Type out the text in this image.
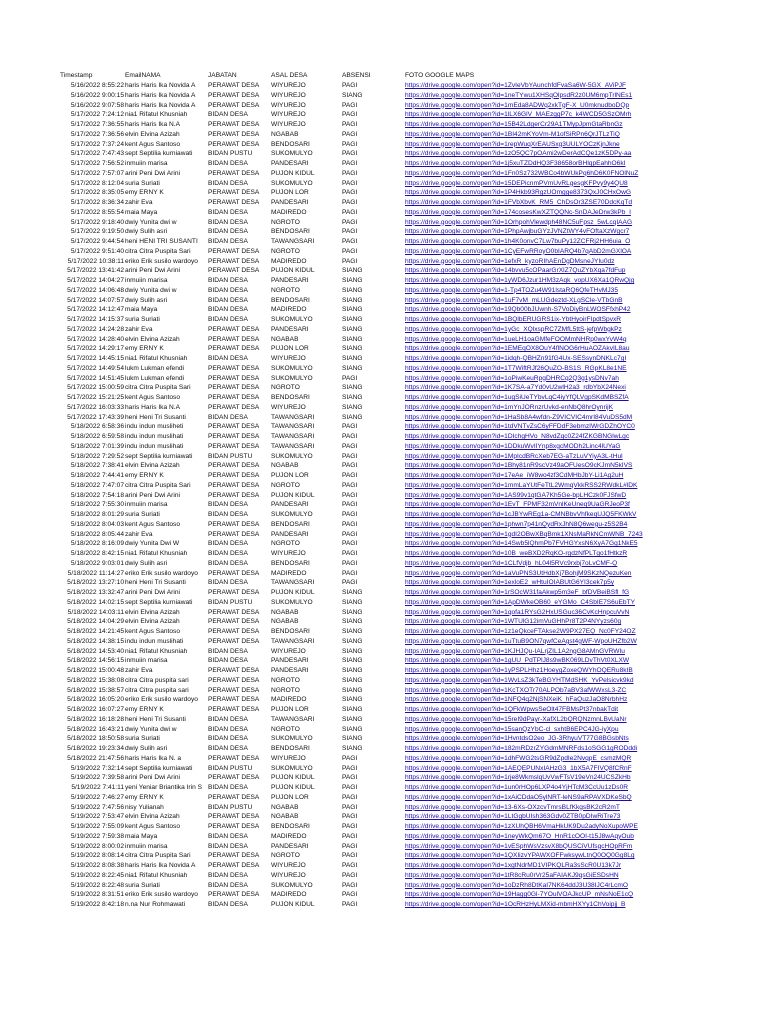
Timestamp	EmailNAMA	JABATAN	ASAL DESA	ABSENSI	FOTO GOOGLE MAPS
5/16/2022 8:55:22	haris Haris Ika Novida A	PERAWAT DESA	WIYUREJO	PAGI	https://drive.google.com/open?id=1ZvIeVbYAunchfdFvaSa6W-5GX_AViPJF
5/16/2022 9:00:15	haris Haris Ika Novida A	PERAWAT DESA	WIYUREJO	SIANG	https://drive.google.com/open?id=1neTYwu1XHSqOlpsdR2z0UM6mpTrlNEs1
5/16/2022 9:07:58	haris Haris Ika Novida A	PERAWAT DESA	WIYUREJO	PAGI	https://drive.google.com/open?id=1mEda8ADWq2xkTgF-X_U0mknudboDQp
5/17/2022 7:24:12	nia1 Rifatul Khusniah	BIDAN DESA	WIYUREJO	PAGI	https://drive.google.com/open?id=1lLX6GlV_MAEzggP7c_k4WCD5GSzOMrh
5/17/2022 7:36:55	haris Haris Ika N.A	PERAWAT DESA	WIYUREJO	PAGI	https://drive.google.com/open?id=15B42LdgerCr29A1TMypJpmGtaRbnGz
5/17/2022 7:36:56	elvin Elvina Azizah	PERAWAT DESA	NGABAB	PAGI	https://drive.google.com/open?id=1BI42mKYoVm-M1ofSiRPn6QrJTLzTiQ
5/17/2022 7:37:24	kent Agus Santoso	PERAWAT DESA	BENDOSARI	PAGI	https://drive.google.com/open?id=1repWuqXrEAUSxg3UULYOCzKjnJkne
5/17/2022 7:47:43	sept Septilia kurniawati	BIDAN PUSTU	SUKOMULYO	PAGI	https://drive.google.com/open?id=1zO5QC7pOAmi2wDerAdCQe1zK5DPy-aa
5/17/2022 7:56:52	inmuiin marisa	BIDAN DESA	PANDESARI	PAGI	https://drive.google.com/open?id=1j5xuTZDdHQ3F38658orBHlqpEahhO6kI
5/17/2022 7:57:07	arini Peni Dwi Arini	PERAWAT DESA	PUJON KIDUL	PAGI	https://drive.google.com/open?id=1Fn0Sz732WBCo4bWUkPq6hD6K0FNOlNuZ
5/17/2022 8:12:04	suria Suriati	BIDAN DESA	SUKOMULYO	PAGI	https://drive.google.com/open?id=15DEPicnmPVmUvRLgesgKFPvy9y4QU8
5/17/2022 8:35:05	emy ERNY K	PERAWAT DESA	PUJON LOR	PAGI	https://drive.google.com/open?id=1P4Hkb93RgzUOmgge8373QxJ0CHxOwG
5/17/2022 8:36:34	zahir Eva	PERAWAT DESA	PANDESARI	PAGI	https://drive.google.com/open?id=1FVbXbvK_RM5_ChDsOr3ZSE70DdcKqTd
5/17/2022 8:55:54	maia Maya	BIDAN DESA	MADIREDO	PAGI	https://drive.google.com/open?id=174cosesKwXZTQQNc-SnDAJeDrw3kPb_I
5/17/2022 9:18:40	dwiy Yunita dwi w	BIDAN DESA	NGROTO	PAGI	https://drive.google.com/open?id=1OrhpohVlewdph48NC5uFpsz_5wLcqIAAG
5/17/2022 9:19:50	dwiy Sulih asri	BIDAN DESA	BENDOSARI	PAGI	https://drive.google.com/open?id=1PhpAwjbuGYzJVNZtWY4vFOftaXzWgcr7
5/17/2022 9:44:54	heni HENI TRI SUSANTI	BIDAN DESA	TAWANGSARI	PAGI	https://drive.google.com/open?id=1h4K0onvC7Lw7buPy12ZCFRj2HH6uia_O
5/17/2022 9:51:40	citra Citra Puspita Sari	PERAWAT DESA	NGROTO	PAGI	https://drive.google.com/open?id=1CyEFwRRoyO0bIARQ4b7qAbD2mGXlOA
5/17/2022 10:38:11	eriko Erik susilo wardoyo	PERAWAT DESA	MADIREDO	PAGI	https://drive.google.com/open?id=1efxR_kyzoRIhAEnDgDMsneJYIu0dz
5/17/2022 13:41:42	arini Peni Dwi Arini	PERAWAT DESA	PUJON KIDUL	SIANG	https://drive.google.com/open?id=14bvvu5cOPaarGrXlZ7QuZYbXqa7fdFup
5/17/2022 14:04:27	inmuiin marisa	BIDAN DESA	PANDESARI	SIANG	https://drive.google.com/open?id=1yWD6Jzur1HM3zAqk_vopUX6Xa1QRwQjg
5/17/2022 14:06:48	dwiy Yunita dwi w	BIDAN DESA	NGROTO	SIANG	https://drive.google.com/open?id=1-Tp4TOZu4W91lstaRQ6QfeTHvMJ35
5/17/2022 14:07:57	dwiy Sulih asri	BIDAN DESA	BENDOSARI	SIANG	https://drive.google.com/open?id=1uF7vM_mLUGdeztd-XLgSCle-VTbGnB
5/17/2022 14:12:47	maia Maya	BIDAN DESA	MADIREDO	SIANG	https://drive.google.com/open?id=19Qb00bJUwnh-S7VoDiyBnLWOSFfxhP42
5/17/2022 14:15:37	suria Suriati	BIDAN DESA	SUKOMULYO	SIANG	https://drive.google.com/open?id=1BQlbERUGRS1ix-YbtHyoirFIpdtSpvxR
5/17/2022 14:24:28	zahir Eva	PERAWAT DESA	PANDESARI	SIANG	https://drive.google.com/open?id=1yGc_XQlxspRC7ZMfL5ttS-jefpWbgkPz
5/17/2022 14:28:40	elvin Elvina Azizah	PERAWAT DESA	NGABAB	SIANG	https://drive.google.com/open?id=1ueLH1oaGMfeFOOMmNHRp0wxYvW4q
5/17/2022 14:29:17	emy ERNY K	PERAWAT DESA	PUJON LOR	SIANG	https://drive.google.com/open?id=1EMEqOX8OuY4flNOG6rHuAOZAkvIL8au
5/17/2022 14:45:15	nia1 Rifatul Khusniah	BIDAN DESA	WIYUREJO	SIANG	https://drive.google.com/open?id=1idqh-QBHZn91fG4Ux-SESsynDNKLc7gI
5/17/2022 14:49:54	lukm Lukman efendi	PERAWAT DESA	SUKOMULYO	SIANG	https://drive.google.com/open?id=1T7WiftRJf26QuZO-BS1S_RGpKL8e1NE
5/17/2022 14:51:45	lukm Lukman efendi	PERAWAT DESA	SUKOMULYO	PAGI	https://drive.google.com/open?id=1oPiwKeuRpgDHRCq2Q3g1ysDNv7ah
5/17/2022 15:00:59	citra Citra Puspita Sari	PERAWAT DESA	NGROTO	SIANG	https://drive.google.com/open?id=1K7SA-a7Yd0vU2wlH2a3_rdbYbX24Nexi
5/17/2022 15:21:25	kent Agus Santoso	PERAWAT DESA	BENDOSARI	SIANG	https://drive.google.com/open?id=1ugSiUeTYbvLqC4iyYfQLVgpSKdMBSZfA
5/17/2022 16:03:33	haris Haris Ika N.A	PERAWAT DESA	WIYUREJO	SIANG	https://drive.google.com/open?id=1mYnJORnzrUvkd-enNbQ8hrOynrijK
5/17/2022 17:43:39	heni Heni Tri Susanti	BIDAN DESA	TAWANGSARI	SIANG	https://drive.google.com/open?id=1HaSb8A4wfdn-Z9VICVIC4mrI84VuDS5dM
5/18/2022 6:58:36	indu indun musliheti	PERAWAT DESA	TAWANGSARI	PAGI	https://drive.google.com/open?id=1tdVNTvZsC6yFFDdF3ebmzIWrGDZhOYC0
5/18/2022 6:59:58	indu indun muslihati	PERAWAT DESA	TAWANGSARI	PAGI	https://drive.google.com/open?id=1DIchgHVo_N8vdZqc0Z24fZKGBNGlwLgc
5/18/2022 7:01:39	indu indun muslihati	PERAWAT DESA	TAWANGSARI	PAGI	https://drive.google.com/open?id=1DDkuWvIIYnp8xgcMODh2Linc4lUYaG
5/18/2022 7:29:52	sept Septilia kurniawati	BIDAN PUSTU	SUKOMULYO	PAGI	https://drive.google.com/open?id=1MpIcdBRcXeb7EG-aTzLuVYiyA3L-tHul
5/18/2022 7:38:41	elvin Elvina Azizah	PERAWAT DESA	NGABAB	PAGI	https://drive.google.com/open?id=1Bhy81nR9scVz49aOFUesO9cKJmN5kIVS
5/18/2022 7:44:41	emy ERNY K	PERAWAT DESA	PUJON LOR	PAGI	https://drive.google.com/open?id=17eAe_iW8wo4zf3CdMHbJbY-Li1Ag2uH
5/18/2022 7:47:07	citra Citra Puspita Sari	PERAWAT DESA	NGROTO	PAGI	https://drive.google.com/open?id=1mmLaYUtFeTtL2WmqVkkRSS2RWdkL#lDK
5/18/2022 7:54:18	arini Peni Dwi Arini	PERAWAT DESA	PUJON KIDUL	PAGI	https://drive.google.com/open?id=1AS99v1qtGA7Kh5Ge-bpLHCzk0FJSfwD
5/18/2022 7:55:30	inmuiin marisa	BIDAN DESA	PANDESARI	PAGI	https://drive.google.com/open?id=1EvT_FPMF32mVnlKeUneq9UaGRJeoP3f
5/18/2022 8:01:29	suria Suriati	BIDAN DESA	SUKOMULYO	PAGI	https://drive.google.com/open?id=1cJBYwREg1a-CMNBbvVhfkeqUJQ5FKWkV
5/18/2022 8:04:03	kent Agus Santoso	PERAWAT DESA	BENDOSARI	PAGI	https://drive.google.com/open?id=1phwn7p41nQydRxJhN8Q6wegu-z5S2B4
5/18/2022 8:05:44	zahir Eva	PERAWAT DESA	PANDESARI	PAGI	https://drive.google.com/open?id=1gdI2OBwXBqBmk1XNsMaRkNCmWNB_7243
5/18/2022 8:16:09	dwiy Yunita Dwi W	BIDAN DESA	NGROTO	PAGI	https://drive.google.com/open?id=14Swb5lQhmPb7FVHGYxsN6XyA7Gg1NkE5
5/18/2022 8:42:15	nia1 Rifatul Khusniah	BIDAN DESA	WIYUREJO	PAGI	https://drive.google.com/open?id=10B_weBXD2RqKO-rgdzNfPLTgo1fHtkzR
5/18/2022 9:03:01	dwiy Sulih asri	BIDAN DESA	BENDOSARI	PAGI	https://drive.google.com/open?id=1CLfVdjb_hL04l5RVc9rxbj7oLvCMF-Q
5/18/2022 11:14:27	eriko Erik susilo wardoyo	PERAWAT DESA	MADIREDO	PAGI	https://drive.google.com/open?id=1aVuPNS3UtHdbXj7BohjM9SKzNQezuKen
5/18/2022 13:27:10	heni Heni Tri Susanti	BIDAN DESA	TAWANGSARI	PAGI	https://drive.google.com/open?id=1exloE2_wHtuIOIABUtG6YI3cek7p5y
5/18/2022 13:32:47	arini Peni Dwi Arini	PERAWAT DESA	PUJON KIDUL	SIANG	https://drive.google.com/open?id=1rSOcW31faAkwp5m3eF_bfDVBeiBSfl_fG
5/18/2022 14:02:15	sept Septilia kurniawati	BIDAN PUSTU	SUKOMULYO	SIANG	https://drive.google.com/open?id=1ApDWkeOB60_eYGMo_C4SbIE7S6uEbTY
5/18/2022 14:03:11	elvin Elvina Azizah	PERAWAT DESA	NGABAB	SIANG	https://drive.google.com/open?id=1qofa1RYsG2HxUSGuc36CvKcHnpcuVvN
5/18/2022 14:04:29	elvin Elvina Azizah	PERAWAT DESA	NGABAB	SIANG	https://drive.google.com/open?id=1WTUlG12imVuGHhPr8T2P4NYyzs60g
5/18/2022 14:21:45	kent Agus Santoso	PERAWAT DESA	BENDOSARI	SIANG	https://drive.google.com/open?id=1z1eQkceFTAkse2W9PX27EQ_Nc0FY24OZ
5/18/2022 14:38:15	indu indun muslihati	PERAWAT DESA	TAWANGSARI	SIANG	https://drive.google.com/open?id=1uTtuB9ON7qwfCeAgst4gWF-WpoUHZfb2W
5/18/2022 14:53:40	nia1 Rifatul Khusniah	BIDAN DESA	WIYUREJO	SIANG	https://drive.google.com/open?id=1KJHJQu-IALrjZIL1A2ngG8AMnGVRWIu
5/18/2022 14:56:15	inmuiin marisa	BIDAN DESA	PANDESARI	SIANG	https://drive.google.com/open?id=1gUU_PdTPlJ8s9wBK069LDvThVt0XLXW
5/18/2022 15:00:48	zahir Eva	PERAWAT DESA	PANDESARI	SIANG	https://drive.google.com/open?id=1yPSPLHhz1HoeygZoxeQWYhOQERu8kIB
5/18/2022 15:38:08	citra Citra puspita sari	PERAWAT DESA	NGROTO	SIANG	https://drive.google.com/open?id=1WvLsZ3kTeBGYHTMdSHK_YvPelsicvk9kd
5/18/2022 15:38:57	citra Citra puspita sari	PERAWAT DESA	NGROTO	SIANG	https://drive.google.com/open?id=1KcTXOTr70ALPOb7aBV3afWWxsL3-ZC
5/18/2022 16:05:20	eriko Erik susilo wardoyo	PERAWAT DESA	MADIREDO	SIANG	https://drive.google.com/open?id=1NFQ4q2NjSNXeiK_hFaQuzJaO8NrbhHz
5/18/2022 16:07:27	emy ERNY K	PERAWAT DESA	PUJON LOR	SIANG	https://drive.google.com/open?id=1QFkWpwsSeOlt47FBMsPt37nbakTdit
5/18/2022 16:18:28	heni Heni Tri Susanti	BIDAN DESA	TAWANGSARI	SIANG	https://drive.google.com/open?id=15reI9dPayr-XafXL2bQRQNzmnLBvUaNr
5/18/2022 16:43:21	dwiy Yunita dwi w	BIDAN DESA	NGROTO	SIANG	https://drive.google.com/open?id=15sanQzYbC-cl_sxhtB6EPC4JG-iyXpu
5/18/2022 18:50:58	suria Suriati	BIDAN DESA	SUKOMULYO	SIANG	https://drive.google.com/open?id=1HvntdsO2eo_JG-3RhyuVT77G8BGsbNts
5/18/2022 19:23:34	dwiy Sulih asri	BIDAN DESA	BENDOSARI	SIANG	https://drive.google.com/open?id=182mRDzrZYGdmMNRFds1oSGG1gRODddi
5/18/2022 21:47:56	haris Haris Ika N. a	PERAWAT DESA	WIYUREJO	PAGI	https://drive.google.com/open?id=1dhFWG2tsGR9dZpdIe2NvqpE_csmzMQR
5/19/2022 7:32:14	sept Septilia kurniawati	BIDAN PUSTU	SUKOMULYO	PAGI	https://drive.google.com/open?id=1AEQEPUNxIAHzG3_1bX5A7FIVQ8fCRnF
5/19/2022 7:39:58	arini Peni Dwi Arini	PERAWAT DESA	PUJON KIDUL	PAGI	https://drive.google.com/open?id=1rje8WkmslqUvVwFTsV19eVn24UCSZkHb
5/19/2022 7:41:11	yeni Yeniar Briantika Irin S	BIDAN DESA	PUJON KIDUL	PAGI	https://drive.google.com/open?id=1un0rHOp6LXP4o4YjHTcM3CcUu1zDs0R
5/19/2022 7:46:27	emy ERNY K	PERAWAT DESA	PUJON LOR	PAGI	https://drive.google.com/open?id=1xAiCDdaO5ylNRT-leNS9aRPAVXDKeSbQ
5/19/2022 7:47:56	nisy Yulianah	BIDAN PUSTU	NGABAB	PAGI	https://drive.google.com/open?id=13-6Xs-OXzcvTmrsBLfKkgsBK2cR2mT
5/19/2022 7:53:47	elvin Elvina Azizah	PERAWAT DESA	NGABAB	PAGI	https://drive.google.com/open?id=1LtGgbUIsh363Gdv0ZTB0pDIwRiTre73
5/19/2022 7:55:09	kent Agus Santoso	PERAWAT DESA	BENDOSARI	PAGI	https://drive.google.com/open?id=1zXUhQBH6VmaHkUK9Du2adyNoXupoWPE
5/19/2022 7:59:38	maia Maya	BIDAN DESA	MADIREDO	PAGI	https://drive.google.com/open?id=1neyWkQm67O_HnR1cOOI-t15J8wAqyOub
5/19/2022 8:00:02	inmuiin marisa	BIDAN DESA	PANDESARI	PAGI	https://drive.google.com/open?id=1vESphWsVzsvX8bQUSCiVUfsgcHOpRFm
5/19/2022 8:08:14	citra Citra Puspita Sari	PERAWAT DESA	NGROTO	PAGI	https://drive.google.com/open?id=1QXIizvYPAWXOFFwksywLtnQ0OQ0Gg8Lg
5/19/2022 8:08:38	haris Haris Ika Novida A	PERAWAT DESA	WIYUREJO	PAGI	https://drive.google.com/open?id=1xgtNdrMD1VIPKQLRa3sScR0U13k7Jr
5/19/2022 8:22:45	nia1 Rifatul Khusniah	BIDAN DESA	WIYUREJO	PAGI	https://drive.google.com/open?id=1tR8cRu0rVr25aFAIAKJ9qsGiESDsHN
5/19/2022 8:22:48	suria Suriati	BIDAN DESA	SUKOMULYO	PAGI	https://drive.google.com/open?id=1oDzRh8DtKaI7NK64ddJ3U38IJC4rLcmO
5/19/2022 8:31:51	eriko Erik susilo wardoyo	PERAWAT DESA	MADIREDO	PAGI	https://drive.google.com/open?id=19Hagg0Gl-7YOulVOAJkcUP_mNsNoE1cQ
5/19/2022 8:42:18	n.na Nur Rohmawati	BIDAN DESA	PUJON KIDUL	PAGI	https://drive.google.com/open?id=1OcRHzHyLMXid-mbmHXYy1ChVoipjj_B
